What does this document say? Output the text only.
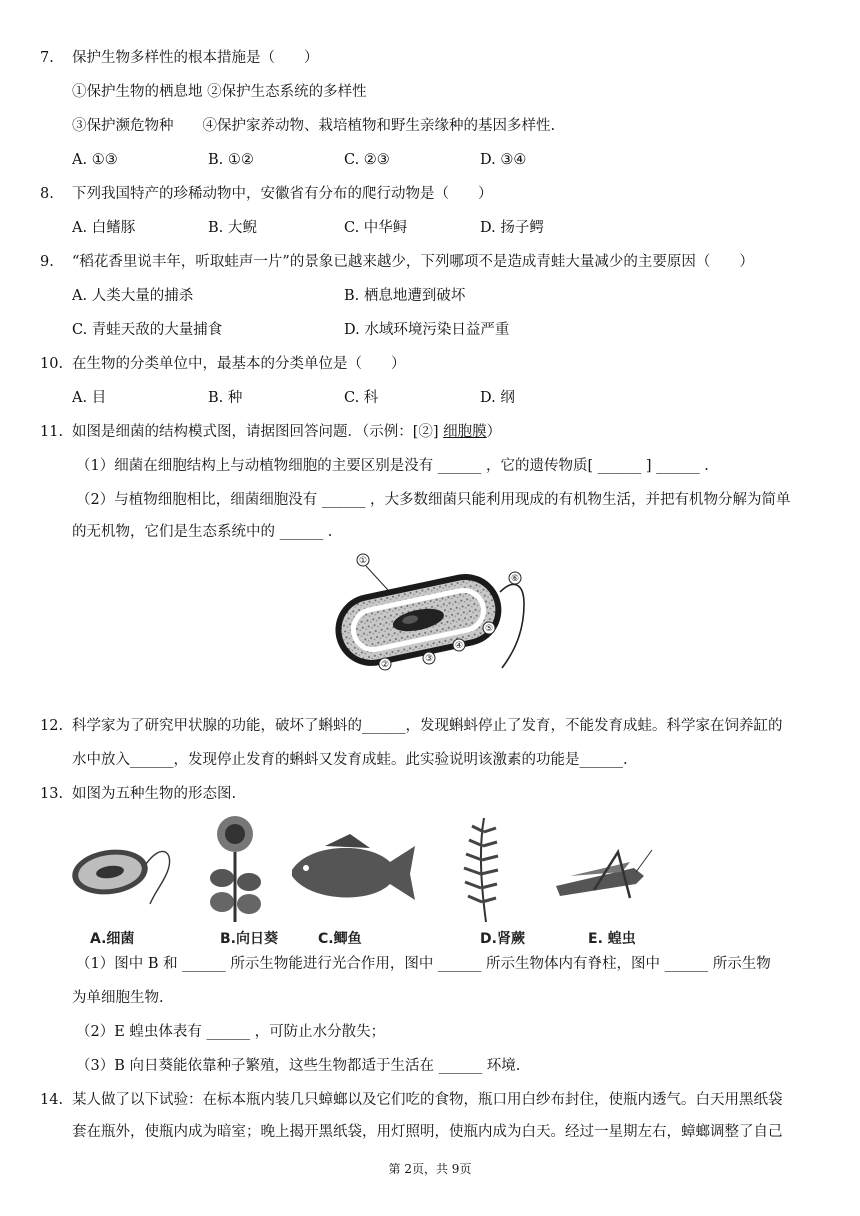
7. 保护生物多样性的根本措施是（　　）
①保护生物的栖息地 ②保护生态系统的多样性
③保护濒危物种　　④保护家养动物、栽培植物和野生亲缘种的基因多样性.
A. ①③	B. ①②	C. ②③	D. ③④
8. 下列我国特产的珍稀动物中，安徽省有分布的爬行动物是（　　）
A. 白鳍豚	B. 大鲵	C. 中华鲟	D. 扬子鳄
9. “稻花香里说丰年，听取蛙声一片”的景象已越来越少，下列哪项不是造成青蛙大量减少的主要原因（　　）
A. 人类大量的捕杀	B. 栖息地遭到破坏
C. 青蛙天敌的大量捕食	D. 水域环境污染日益严重
10. 在生物的分类单位中，最基本的分类单位是（　　）
A. 目	B. 种	C. 科	D. 纲
11. 如图是细菌的结构模式图，请据图回答问题．（示例：[②] 细胞膜）
（1）细菌在细胞结构上与动植物细胞的主要区别是没有 ______ ，它的遗传物质[ ______ ] ______ .
（2）与植物细胞相比，细菌细胞没有 ______ ，大多数细菌只能利用现成的有机物生活，并把有机物分解为简单
的无机物，它们是生态系统中的 ______ .
①
②
③
④
⑤
⑥
12. 科学家为了研究甲状腺的功能，破坏了蝌蚪的______，发现蝌蚪停止了发育，不能发育成蛙。科学家在饲养缸的
水中放入______，发现停止发育的蝌蚪又发育成蛙。此实验说明该激素的功能是______.
13. 如图为五种生物的形态图.
A.细菌	B.向日葵	C.鲫鱼	D.肾蕨	E. 蝗虫
（1）图中 B 和 ______ 所示生物能进行光合作用，图中 ______ 所示生物体内有脊柱，图中 ______ 所示生物
为单细胞生物.
（2）E 蝗虫体表有 ______ ，可防止水分散失；
（3）B 向日葵能依靠种子繁殖，这些生物都适于生活在 ______ 环境.
14. 某人做了以下试验：在标本瓶内装几只蟑螂以及它们吃的食物，瓶口用白纱布封住，使瓶内透气。白天用黑纸袋
套在瓶外，使瓶内成为暗室；晚上揭开黑纸袋，用灯照明，使瓶内成为白天。经过一星期左右，蟑螂调整了自己
第 2页，共 9页
